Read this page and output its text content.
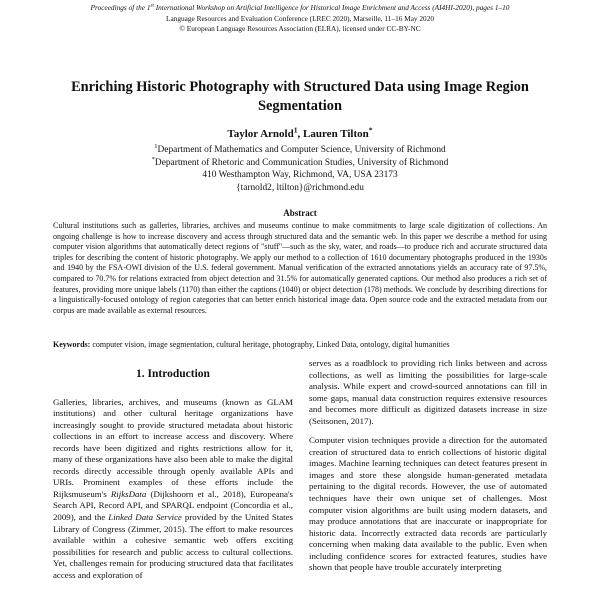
Proceedings of the 1st International Workshop on Artificial Intelligence for Historical Image Enrichment and Access (AI4HI-2020), pages 1–10
Language Resources and Evaluation Conference (LREC 2020), Marseille, 11–16 May 2020
© European Language Resources Association (ELRA), licensed under CC-BY-NC
Enriching Historic Photography with Structured Data using Image Region Segmentation
Taylor Arnold$^1$, Lauren Tilton*
$^1$Department of Mathematics and Computer Science, University of Richmond
*Department of Rhetoric and Communication Studies, University of Richmond
410 Westhampton Way, Richmond, VA, USA 23173
{tarnold2, ltilton}@richmond.edu
Abstract
Cultural institutions such as galleries, libraries, archives and museums continue to make commitments to large scale digitization of collections. An ongoing challenge is how to increase discovery and access through structured data and the semantic web. In this paper we describe a method for using computer vision algorithms that automatically detect regions of "stuff"—such as the sky, water, and roads—to produce rich and accurate structured data triples for describing the content of historic photography. We apply our method to a collection of 1610 documentary photographs produced in the 1930s and 1940 by the FSA-OWI division of the U.S. federal government. Manual verification of the extracted annotations yields an accuracy rate of 97.5%, compared to 70.7% for relations extracted from object detection and 31.5% for automatically generated captions. Our method also produces a rich set of features, providing more unique labels (1170) than either the captions (1040) or object detection (178) methods. We conclude by describing directions for a linguistically-focused ontology of region categories that can better enrich historical image data. Open source code and the extracted metadata from our corpus are made available as external resources.
Keywords: computer vision, image segmentation, cultural heritage, photography, Linked Data, ontology, digital humanities
1. Introduction

Galleries, libraries, archives, and museums (known as GLAM institutions) and other cultural heritage organizations have increasingly sought to provide structured metadata about historic collections in an effort to increase access and discovery. Where records have been digitized and rights restrictions allow for it, many of these organizations have also been able to make the digital records directly accessible through openly available APIs and URIs. Prominent examples of these efforts include the Rijksmuseum's RijksData (Dijkshoorn et al., 2018), Europeana's Search API, Record API, and SPARQL endpoint (Concordia et al., 2009), and the Linked Data Service provided by the United States Library of Congress (Zimmer, 2015). The effort to make resources available within a cohesive semantic web offers exciting possibilities for research and public access to cultural collections. Yet, challenges remain for producing structured data that facilitates access and exploration of

serves as a roadblock to providing rich links between and across collections, as well as limiting the possibilities for large-scale analysis. While expert and crowd-sourced annotations can fill in some gaps, manual data construction requires extensive resources and becomes more difficult as digitized datasets increase in size (Seitsonen, 2017).

Computer vision techniques provide a direction for the automated creation of structured data to enrich collections of historic digital images. Machine learning techniques can detect features present in images and store these alongside human-generated metadata pertaining to the digital records. However, the use of automated techniques have their own unique set of challenges. Most computer vision algorithms are built using modern datasets, and may produce annotations that are inaccurate or inappropriate for historic data. Incorrectly extracted data records are particularly concerning when making data available to the public. Even when including confidence scores for extracted features, studies have shown that people have trouble accurately interpreting
